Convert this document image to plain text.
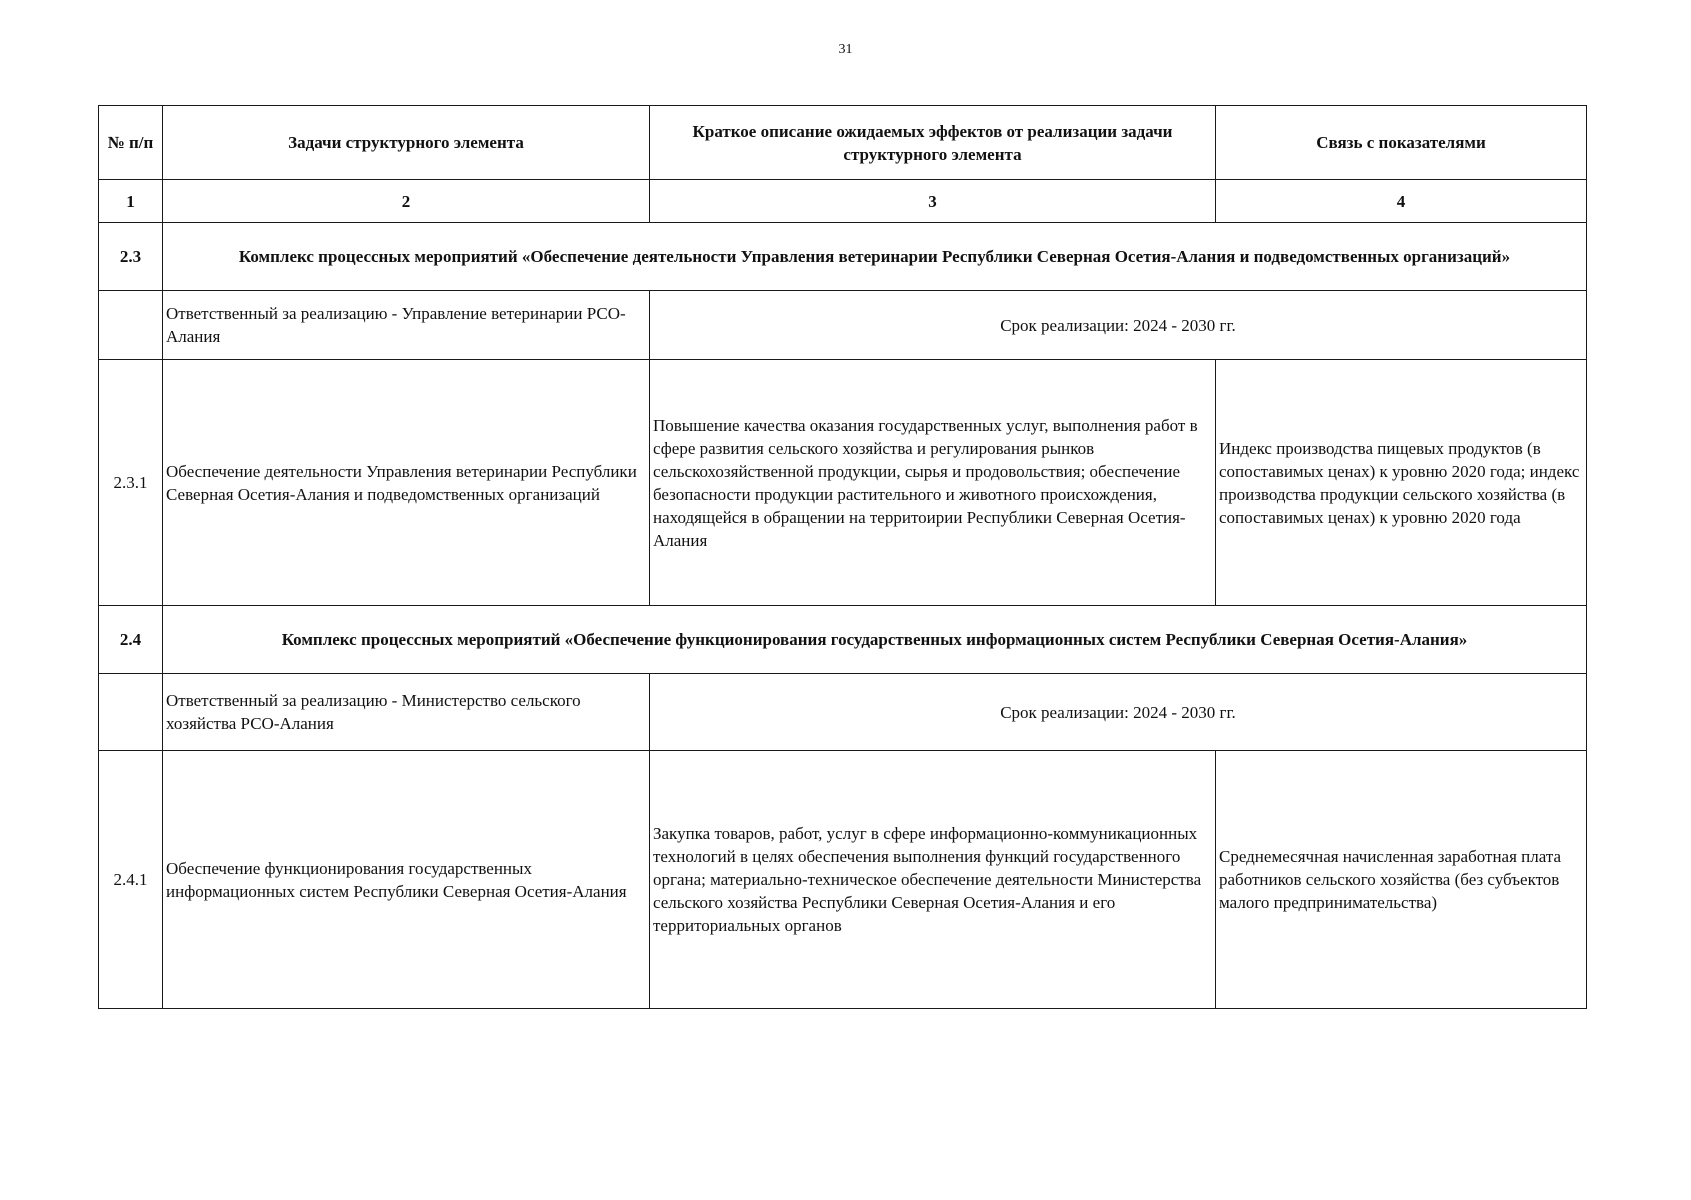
31
№ п/п	Задачи структурного элемента	Краткое описание ожидаемых эффектов от реализации задачи структурного элемента	Связь с показателями
1	2	3	4
2.3	Комплекс процессных мероприятий «Обеспечение деятельности Управления ветеринарии Республики Северная Осетия-Алания и подведомственных организаций»		
	Ответственный за реализацию - Управление ветеринарии РСО-Алания	Срок реализации: 2024 - 2030 гг.	
2.3.1	Обеспечение деятельности Управления ветеринарии Республики Северная Осетия-Алания и подведомственных организаций	Повышение качества оказания государственных услуг, выполнения работ в сфере развития сельского хозяйства и регулирования рынков сельскохозяйственной продукции, сырья и продовольствия; обеспечение безопасности продукции растительного и животного происхождения, находящейся в обращении на территоирии Республики Северная Осетия-Алания	Индекс производства пищевых продуктов (в сопоставимых ценах) к уровню 2020 года; индекс производства продукции сельского хозяйства (в сопоставимых ценах) к уровню 2020 года
2.4	Комплекс процессных мероприятий «Обеспечение функционирования государственных информационных систем Республики Северная Осетия-Алания»		
	Ответственный за реализацию - Министерство сельского хозяйства РСО-Алания	Срок реализации: 2024 - 2030 гг.	
2.4.1	Обеспечение функционирования государственных информационных систем Республики Северная Осетия-Алания	Закупка товаров, работ, услуг в сфере информационно-коммуникационных технологий в целях обеспечения выполнения функций государственного органа; материально-техническое обеспечение деятельности Министерства сельского хозяйства Республики Северная Осетия-Алания и его территориальных органов	Среднемесячная начисленная заработная плата работников сельского хозяйства (без субъектов малого предпринимательства)
